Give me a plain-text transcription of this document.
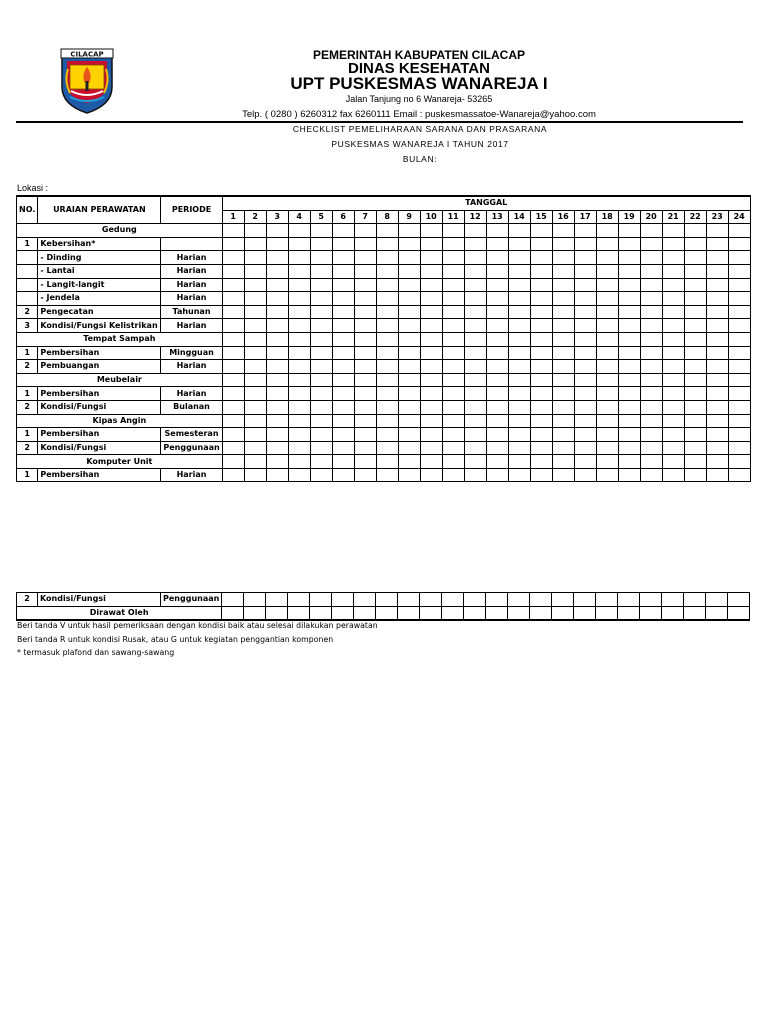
CILACAP	PEMERINTAH KABUPATEN CILACAP
DINAS KESEHATAN
UPT PUSKESMAS WANAREJA I
Jalan Tanjung no 6 Wanareja- 53265
Telp. ( 0280 ) 6260312 fax 6260111 Email : puskesmassatoe-Wanareja@yahoo.com
CHECKLIST PEMELIHARAAN SARANA DAN PRASARANA
PUSKESMAS WANAREJA I TAHUN 2017
BULAN:
Lokasi :
NO.	URAIAN PERAWATAN	PERIODE	TANGGAL																							
			1	2	3	4	5	6	7	8	9	10	11	12	13	14	15	16	17	18	19	20	21	22	23	24
Gedung																										
1	Kebersihan*																									
	- Dinding	Harian																								
	- Lantai	Harian																								
	- Langit-langit	Harian																								
	- Jendela	Harian																								
2	Pengecatan	Tahunan																								
3	Kondisi/Fungsi Kelistrikan	Harian																								
Tempat Sampah																										
1	Pembersihan	Mingguan																								
2	Pembuangan	Harian																								
Meubelair																										
1	Pembersihan	Harian																								
2	Kondisi/Fungsi	Bulanan																								
Kipas Angin																										
1	Pembersihan	Semesteran																								
2	Kondisi/Fungsi	Penggunaan																								
Komputer Unit																										
1	Pembersihan	Harian																								
2	Kondisi/Fungsi	Penggunaan																								
Dirawat Oleh																										
Beri tanda V untuk hasil pemeriksaan dengan kondisi baik atau selesai dilakukan perawatan
Beri tanda R untuk kondisi Rusak, atau G untuk kegiatan penggantian komponen
* termasuk plafond dan sawang-sawang
